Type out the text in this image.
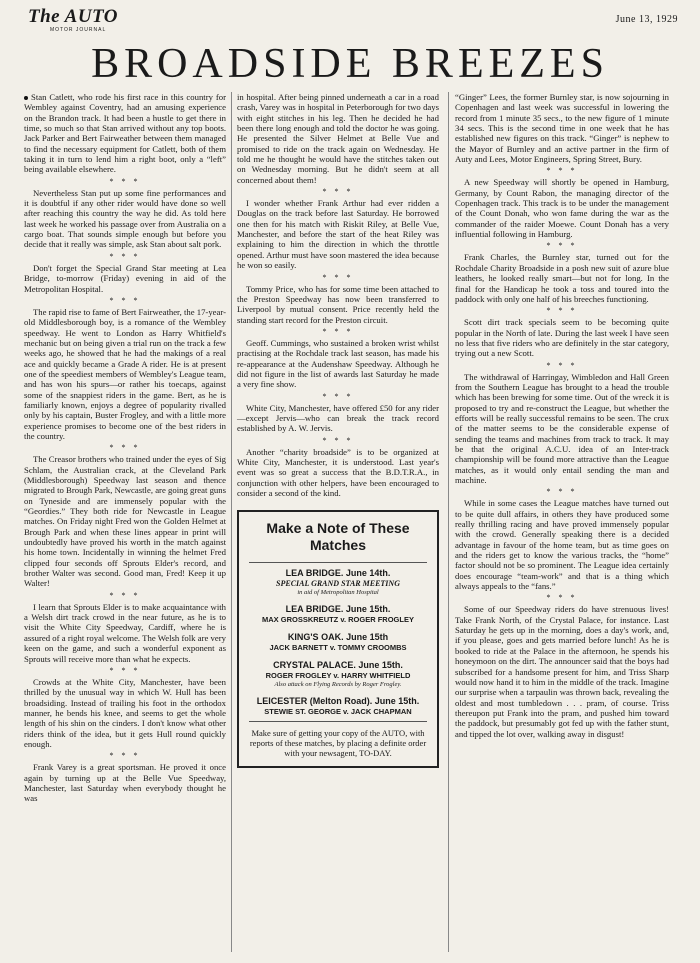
The AUTO
MOTOR JOURNAL
June 13, 1929
BROADSIDE BREEZES

Stan Catlett, who rode his first race in this country for Wembley against Coventry, had an amusing experience on the Brandon track. It had been a hustle to get there in time, so much so that Stan arrived without any top boots. Jack Parker and Bert Fairweather between them managed to find the necessary equipment for Catlett, both of them taking it in turn to lend him a right boot, only a “left” being available elsewhere.

* * *

Nevertheless Stan put up some fine performances and it is doubtful if any other rider would have done so well after reaching this country the way he did. As told here last week he worked his passage over from Australia on a cargo boat. That sounds simple enough but before you decide that it really was simple, ask Stan about salt pork.

* * *

Don't forget the Special Grand Star meeting at Lea Bridge, to-morrow (Friday) evening in aid of the Metropolitan Hospital.

* * *

The rapid rise to fame of Bert Fairweather, the 17-year-old Middlesborough boy, is a romance of the Wembley speedway. He went to London as Harry Whitfield's mechanic but on being given a trial run on the track a few weeks ago, he showed that he had the makings of a real ace and quickly became a Grade A rider. He is at present one of the speediest members of Wembley's League team, and has won his spurs—or rather his toecaps, against some of the snappiest riders in the game. Bert, as he is familiarly known, enjoys a degree of popularity rivalled only by his captain, Buster Frogley, and with a little more experience promises to become one of the best riders in the country.

* * *

The Creasor brothers who trained under the eyes of Sig Schlam, the Australian crack, at the Cleveland Park (Middlesborough) Speedway last season and thence migrated to Brough Park, Newcastle, are going great guns on Tyneside and are immensely popular with the “Geordies.” They both ride for Newcastle in League matches. On Friday night Fred won the Golden Helmet at Brough Park and when these lines appear in print will undoubtedly have proved his worth in the match against his home town. Incidentally in winning the helmet Fred clipped four seconds off Sprouts Elder's record, and brother Walter was second. Good man, Fred! Keep it up Walter!

* * *

I learn that Sprouts Elder is to make acquaintance with a Welsh dirt track crowd in the near future, as he is to visit the White City Speedway, Cardiff, where he is assured of a right royal welcome. The Welsh folk are very keen on the game, and such a wonderful exponent as Sprouts will receive more than what he expects.

* * *

Crowds at the White City, Manchester, have been thrilled by the unusual way in which W. Hull has been broadsiding. Instead of trailing his foot in the orthodox manner, he bends his knee, and seems to get the whole length of his shin on the cinders. I don't know what other riders think of the idea, but it gets Hull round quickly enough.

* * *

Frank Varey is a great sportsman. He proved it once again by turning up at the Belle Vue Speedway, Manchester, last Saturday when everybody thought he was

in hospital. After being pinned underneath a car in a road crash, Varey was in hospital in Peterborough for two days with eight stitches in his leg. Then he decided he had been there long enough and told the doctor he was going. He presented the Silver Helmet at Belle Vue and promised to ride on the track again on Wednesday. He told me he thought he would have the stitches taken out on Wednesday morning. But he didn't seem at all concerned about them!

* * *

I wonder whether Frank Arthur had ever ridden a Douglas on the track before last Saturday. He borrowed one then for his match with Riskit Riley, at Belle Vue, Manchester, and before the start of the heat Riley was explaining to him the direction in which the throttle opened. Arthur must have soon mastered the idea because he won so easily.

* * *

Tommy Price, who has for some time been attached to the Preston Speedway has now been transferred to Liverpool by mutual consent. Price recently held the standing start record for the Preston circuit.

* * *

Geoff. Cummings, who sustained a broken wrist whilst practising at the Rochdale track last season, has made his re-appearance at the Audenshaw Speedway. Although he did not figure in the list of awards last Saturday he made a very fine show.

* * *

White City, Manchester, have offered £50 for any rider—except Jervis—who can break the track record established by A. W. Jervis.

* * *

Another “charity broadside” is to be organized at White City, Manchester, it is understood. Last year's event was so great a success that the B.D.T.R.A., in conjunction with other helpers, have been encouraged to consider a second of the kind.

Make a Note of These Matches
LEA BRIDGE. June 14th.
SPECIAL GRAND STAR MEETING
in aid of Metropolitan Hospital
LEA BRIDGE. June 15th.
MAX GROSSKREUTZ v. ROGER FROGLEY
KING'S OAK. June 15th
JACK BARNETT v. TOMMY CROOMBS
CRYSTAL PALACE. June 15th.
ROGER FROGLEY v. HARRY WHITFIELD
Also attack on Flying Records by Roger Frogley.
LEICESTER (Melton Road). June 15th.
STEWIE ST. GEORGE v. JACK CHAPMAN
Make sure of getting your copy of the AUTO, with reports of these matches, by placing a definite order with your newsagent, TO-DAY.

“Ginger” Lees, the former Burnley star, is now sojourning in Copenhagen and last week was successful in lowering the record from 1 minute 35 secs., to the new figure of 1 minute 34 secs. This is the second time in one week that he has established new figures on this track. “Ginger” is nephew to the Mayor of Burnley and an active partner in the firm of Auty and Lees, Motor Engineers, Spring Street, Bury.

* * *

A new Speedway will shortly be opened in Hamburg, Germany, by Count Rabon, the managing director of the Copenhagen track. This track is to be under the management of the Count Donah, who won fame during the war as the commander of the raider Moewe. Count Donah has a very influential following in Hamburg.

* * *

Frank Charles, the Burnley star, turned out for the Rochdale Charity Broadside in a posh new suit of azure blue leathers, he looked really smart—but not for long. In the final for the Handicap he took a toss and toured into the paddock with only one half of his breeches functioning.

* * *

Scott dirt track specials seem to be becoming quite popular in the North of late. During the last week I have seen no less that five riders who are definitely in the star category, trying out a new Scott.

* * *

The withdrawal of Harringay, Wimbledon and Hall Green from the Southern League has brought to a head the trouble which has been brewing for some time. Out of the wreck it is proposed to try and re-construct the League, but whether the efforts will be really successful remains to be seen. The crux of the matter seems to be the considerable expense of sending the teams and machines from track to track. It may be that the original A.C.U. idea of an Inter-track championship will be found more attractive than the League matches, as it would only entail sending the man and machine.

* * *

While in some cases the League matches have turned out to be quite dull affairs, in others they have produced some really thrilling racing and have proved immensely popular with the crowd. Generally speaking there is a decided advantage in favour of the home team, but as time goes on and the riders get to know the various tracks, the “home” factor should not be so prominent. The League idea certainly does encourage “team-work” and that is a thing which always appeals to the “fans.”

* * *

Some of our Speedway riders do have strenuous lives! Take Frank North, of the Crystal Palace, for instance. Last Saturday he gets up in the morning, does a day's work, and, if you please, goes and gets married before lunch! As he is booked to ride at the Palace in the afternoon, he spends his honeymoon on the dirt. The announcer said that the boys had subscribed for a handsome present for him, and Triss Sharp would now hand it to him in the middle of the track. Imagine our surprise when a tarpaulin was thrown back, revealing the oldest and most tumbledown . . . pram, of course. Triss thereupon put Frank into the pram, and pushed him toward the paddock, but presumably got fed up with the father stunt, and tipped the lot over, walking away in disgust!
